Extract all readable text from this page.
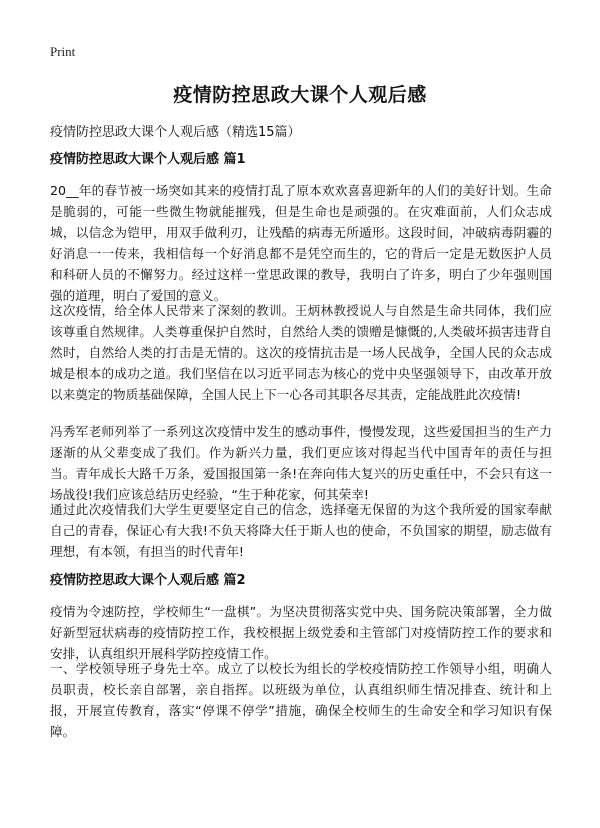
Print
疫情防控思政大课个人观后感
疫情防控思政大课个人观后感（精选15篇）
疫情防控思政大课个人观后感 篇1
20__年的春节被一场突如其来的疫情打乱了原本欢欢喜喜迎新年的人们的美好计划。生命是脆弱的，可能一些微生物就能摧残，但是生命也是顽强的。在灾难面前，人们众志成城，以信念为铠甲，用双手做利刃，让残酷的病毒无所遁形。这段时间，冲破病毒阴霾的好消息一一传来，我相信每一个好消息都不是凭空而生的，它的背后一定是无数医护人员和科研人员的不懈努力。经过这样一堂思政课的教导，我明白了许多，明白了少年强则国强的道理，明白了爱国的意义。
这次疫情，给全体人民带来了深刻的教训。王炳林教授说人与自然是生命共同体，我们应该尊重自然规律。人类尊重保护自然时，自然给人类的馈赠是慷慨的,人类破坏损害违背自然时，自然给人类的打击是无情的。这次的疫情抗击是一场人民战争，全国人民的众志成城是根本的成功之道。我们坚信在以习近平同志为核心的党中央坚强领导下，由改革开放以来奠定的物质基础保障，全国人民上下一心各司其职各尽其责，定能战胜此次疫情!
冯秀军老师列举了一系列这次疫情中发生的感动事件，慢慢发现，这些爱国担当的生产力逐渐的从父辈变成了我们。作为新兴力量，我们更应该对得起当代中国青年的责任与担当。青年成长大路千万条，爱国报国第一条!在奔向伟大复兴的历史重任中，不会只有这一场战役!我们应该总结历史经验，“生于种花家，何其荣幸!
通过此次疫情我们大学生更要坚定自己的信念，选择毫无保留的为这个我所爱的国家奉献自己的青春，保证心有大我!不负天将降大任于斯人也的使命，不负国家的期望，励志做有理想，有本领，有担当的时代青年!
疫情防控思政大课个人观后感 篇2
疫情为令速防控，学校师生“一盘棋”。为坚决贯彻落实党中央、国务院决策部署，全力做好新型冠状病毒的疫情防控工作，我校根据上级党委和主管部门对疫情防控工作的要求和安排，认真组织开展科学防控疫情工作。
一、学校领导班子身先士卒。成立了以校长为组长的学校疫情防控工作领导小组，明确人员职责，校长亲自部署，亲自指挥。以班级为单位，认真组织师生情况排查、统计和上报，开展宣传教育，落实“停课不停学”措施，确保全校师生的生命安全和学习知识有保障。
